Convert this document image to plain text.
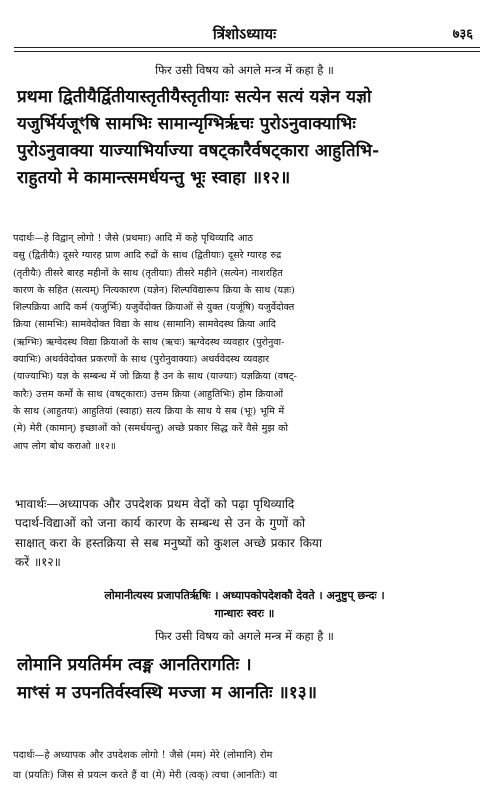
त्रिंशोऽध्यायः	७३६
फिर उसी विषय को अगले मन्त्र में कहा है ॥
प्रथमा द्वितीयैर्द्वितीयास्तृतीयैस्तृतीयाः सत्येन सत्यं यज्ञेन यज्ञो
यजुर्भिर्यजूꣳषि सामभिः सामान्यृग्भिर्ऋचः पुरोऽनुवाक्याभिः
पुरोऽनुवाक्या याज्याभिर्याज्या वषट्कारैर्वषट्कारा आहुतिभि-
राहुतयो मे कामान्त्समर्धयन्तु भूः स्वाहा ॥१२॥
पदार्थः—हे विद्वान् लोगो ! जैसे (प्रथमाः) आदि में कहे पृथिव्यादि आठ
वसु (द्वितीयैः) दूसरे ग्यारह प्राण आदि रुद्रों के साथ (द्वितीयाः) दूसरे ग्यारह रुद्र
(तृतीयैः) तीसरे बारह महीनों के साथ (तृतीयाः) तीसरे महीने (सत्येन) नाशरहित
कारण के सहित (सत्यम्) नित्यकारण (यज्ञेन) शिल्पविद्यारूप क्रिया के साथ (यज्ञः)
शिल्पक्रिया आदि कर्म (यजुर्भिः) यजुर्वेदोक्त क्रियाओं से युक्त (यजूंषि) यजुर्वेदोक्त
क्रिया (सामभिः) सामवेदोक्त विद्या के साथ (सामानि) सामवेदस्थ क्रिया आदि
(ऋग्भिः) ऋग्वेदस्थ विद्या क्रियाओं के साथ (ऋचः) ऋग्वेदस्थ व्यवहार (पुरोनुवा-
क्याभिः) अथर्ववेदोक्त प्रकरणों के साथ (पुरोनुवाक्याः) अथर्ववेदस्थ व्यवहार
(याज्याभिः) यज्ञ के सम्बन्ध में जो क्रिया है उन के साथ (याज्याः) यज्ञक्रिया (वषट्-
कारैः) उत्तम कर्मों के साथ (वषट्काराः) उत्तम क्रिया (आहुतिभिः) होम क्रियाओं
के साथ (आहुतयः) आहुतियां (स्वाहा) सत्य क्रिया के साथ ये सब (भूः) भूमि में
(मे) मेरी (कामान्) इच्छाओं को (समर्धयन्तु) अच्छे प्रकार सिद्ध करें वैसे मुझ को
आप लोग बोध कराओ ॥१२॥
भावार्थः—अध्यापक और उपदेशक प्रथम वेदों को पढ़ा पृथिव्यादि
पदार्थ-विद्याओं को जना कार्य कारण के सम्बन्ध से उन के गुणों को
साक्षात् करा के हस्तक्रिया से सब मनुष्यों को कुशल अच्छे प्रकार किया
करें ॥१२॥
लोमानीत्यस्य प्रजापतिर्ऋषिः । अध्यापकोपदेशकौ देवते । अनुष्टुप् छन्दः ।
गान्धारः स्वरः ॥
फिर उसी विषय को अगले मन्त्र में कहा है ॥
लोमानि प्रयतिर्मम त्वङ्म आनतिरागतिः ।
माꣳसं म उपनतिर्वस्वस्थि मज्जा म आनतिः ॥१३॥
पदार्थः—हे अध्यापक और उपदेशक लोगो ! जैसे (मम) मेरे (लोमानि) रोम
वा (प्रयतिः) जिस से प्रयत्न करते हैं वा (मे) मेरी (त्वक्) त्वचा (आनतिः) वा
